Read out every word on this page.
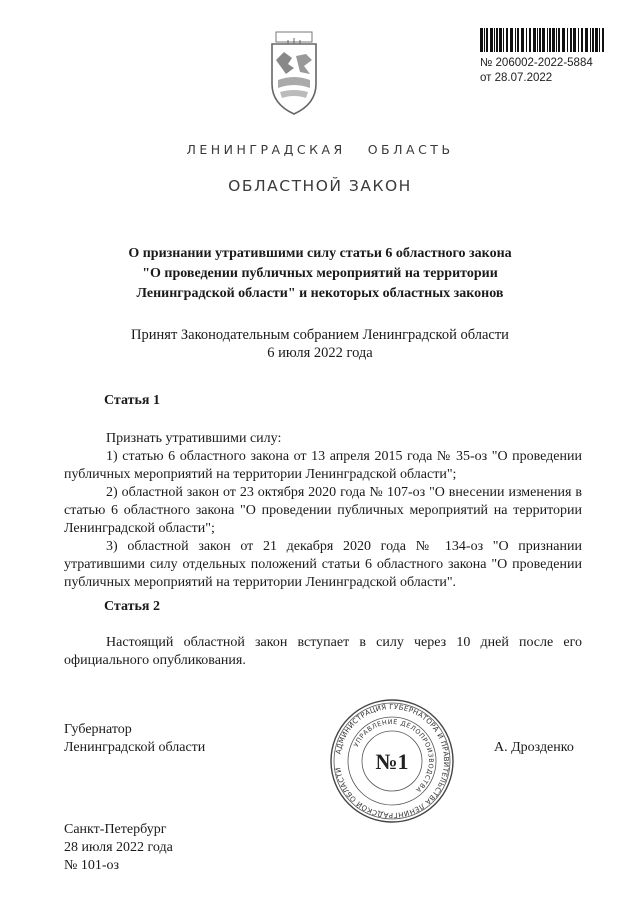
№ 206002-2022-5884
от 28.07.2022
ЛЕНИНГРАДСКАЯ ОБЛАСТЬ
ОБЛАСТНОЙ ЗАКОН
О признании утратившими силу статьи 6 областного закона
"О проведении публичных мероприятий на территории
Ленинградской области" и некоторых областных законов
Принят Законодательным собранием Ленинградской области
6 июля 2022 года
Статья 1
Признать утратившими силу:
1) статью 6 областного закона от 13 апреля 2015 года № 35-оз "О проведении публичных мероприятий на территории Ленинградской области";
2) областной закон от 23 октября 2020 года № 107-оз "О внесении изменения в статью 6 областного закона "О проведении публичных мероприятий на территории Ленинградской области";
3) областной закон от 21 декабря 2020 года № 134-оз "О признании утратившими силу отдельных положений статьи 6 областного закона "О проведении публичных мероприятий на территории Ленинградской области".
Статья 2
Настоящий областной закон вступает в силу через 10 дней после его официального опубликования.
Губернатор
Ленинградской области	А. Дрозденко
АДМИНИСТРАЦИЯ ГУБЕРНАТОРА И ПРАВИТЕЛЬСТВА ЛЕНИНГРАДСКОЙ ОБЛАСТИ
УПРАВЛЕНИЕ ДЕЛОПРОИЗВОДСТВА
№1
Санкт-Петербург
28 июля 2022 года
№ 101-оз
